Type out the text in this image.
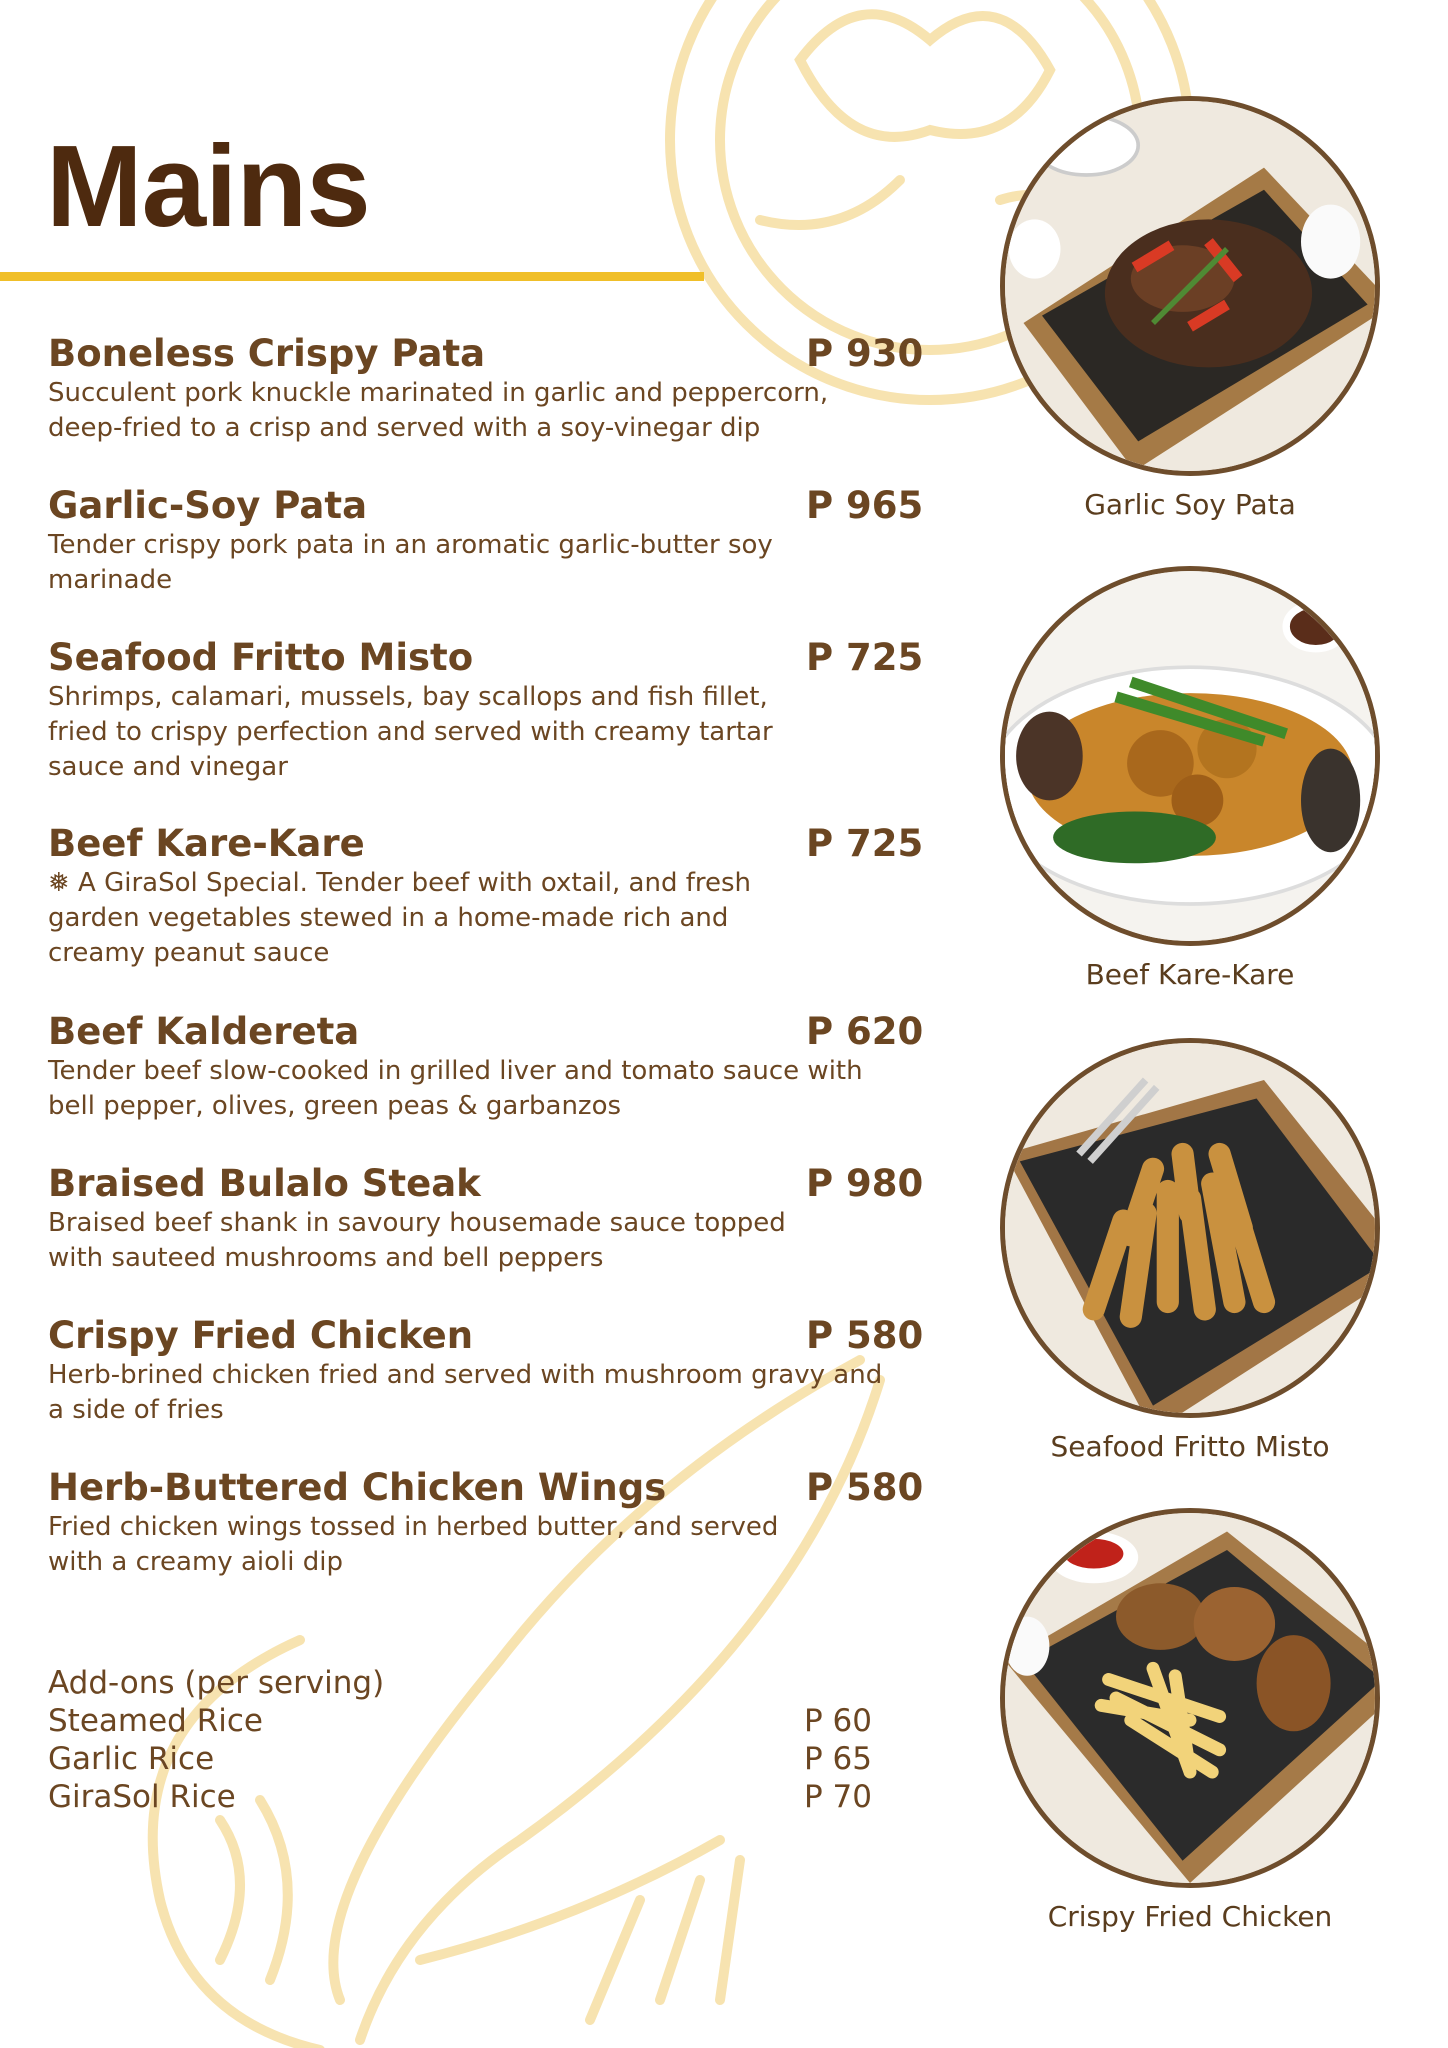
Mains
Boneless Crispy Pata	P 930
Succulent pork knuckle marinated in garlic and peppercorn, deep-fried to a crisp and served with a soy-vinegar dip
Garlic-Soy Pata	P 965
Tender crispy pork pata in an aromatic garlic-butter soy marinade
Seafood Fritto Misto	P 725
Shrimps, calamari, mussels, bay scallops and fish fillet, fried to crispy perfection and served with creamy tartar sauce and vinegar
Beef Kare-Kare	P 725
❅ A GiraSol Special. Tender beef with oxtail, and fresh garden vegetables stewed in a home-made rich and creamy peanut sauce
Beef Kaldereta	P 620
Tender beef slow-cooked in grilled liver and tomato sauce with bell pepper, olives, green peas & garbanzos
Braised Bulalo Steak	P 980
Braised beef shank in savoury housemade sauce topped with sauteed mushrooms and bell peppers
Crispy Fried Chicken	P 580
Herb-brined chicken fried and served with mushroom gravy and a side of fries
Herb-Buttered Chicken Wings	P 580
Fried chicken wings tossed in herbed butter, and served with a creamy aioli dip
Add-ons (per serving)
Steamed Rice	P 60
Garlic Rice	P 65
GiraSol Rice	P 70
Garlic Soy Pata
Beef Kare-Kare
Seafood Fritto Misto
Crispy Fried Chicken
